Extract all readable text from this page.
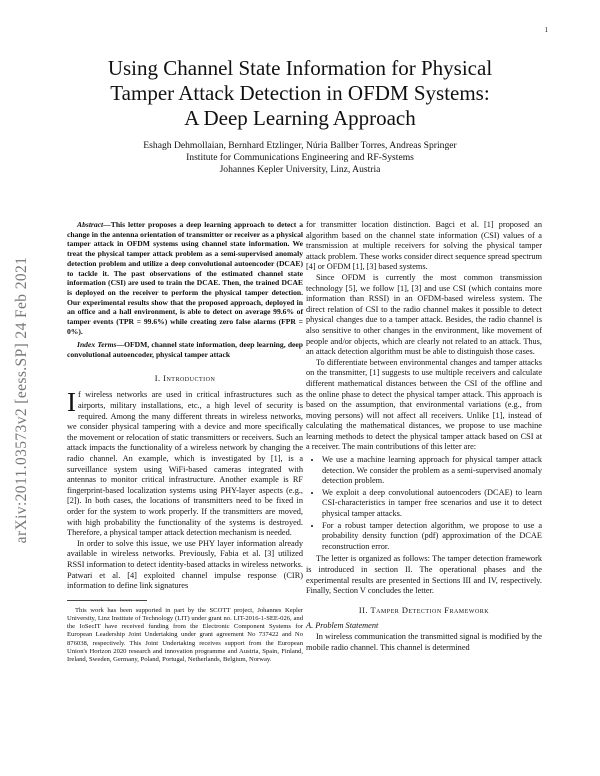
1
arXiv:2011.03573v2 [eess.SP] 24 Feb 2021
Using Channel State Information for Physical
Tamper Attack Detection in OFDM Systems:
A Deep Learning Approach
Eshagh Dehmollaian, Bernhard Etzlinger, Núria Ballber Torres, Andreas Springer
Institute for Communications Engineering and RF-Systems
Johannes Kepler University, Linz, Austria
Abstract—This letter proposes a deep learning approach to detect a change in the antenna orientation of transmitter or receiver as a physical tamper attack in OFDM systems using channel state information. We treat the physical tamper attack problem as a semi-supervised anomaly detection problem and utilize a deep convolutional autoencoder (DCAE) to tackle it. The past observations of the estimated channel state information (CSI) are used to train the DCAE. Then, the trained DCAE is deployed on the receiver to perform the physical tamper detection. Our experimental results show that the proposed approach, deployed in an office and a hall environment, is able to detect on average 99.6% of tamper events (TPR = 99.6%) while creating zero false alarms (FPR = 0%).
Index Terms—OFDM, channel state information, deep learning, deep convolutional autoencoder, physical tamper attack
I. Introduction

If wireless networks are used in critical infrastructures such as airports, military installations, etc., a high level of security is required. Among the many different threats in wireless networks, we consider physical tampering with a device and more specifically the movement or relocation of static transmitters or receivers. Such an attack impacts the functionality of a wireless network by changing the radio channel. An example, which is investigated by [1], is a surveillance system using WiFi-based cameras integrated with antennas to monitor critical infrastructure. Another example is RF fingerprint-based localization systems using PHY-layer aspects (e.g., [2]). In both cases, the locations of transmitters need to be fixed in order for the system to work properly. If the transmitters are moved, with high probability the functionality of the systems is destroyed. Therefore, a physical tamper attack detection mechanism is needed.

In order to solve this issue, we use PHY layer information already available in wireless networks. Previously, Fabia et al. [3] utilized RSSI information to detect identity-based attacks in wireless networks. Patwari et al. [4] exploited channel impulse response (CIR) information to define link signatures

This work has been supported in part by the SCOTT project, Johannes Kepler University, Linz Institute of Technology (LIT) under grant no. LIT-2016-1-SEE-026, and the IoSecIT have received funding from the Electronic Component Systems for European Leadership Joint Undertaking under grant agreement No 737422 and No 876038, respectively. This Joint Undertaking receives support from the European Union's Horizon 2020 research and innovation programme and Austria, Spain, Finland, Ireland, Sweden, Germany, Poland, Portugal, Netherlands, Belgium, Norway.

for transmitter location distinction. Bagci et al. [1] proposed an algorithm based on the channel state information (CSI) values of a transmission at multiple receivers for solving the physical tamper attack problem. These works consider direct sequence spread spectrum [4] or OFDM [1], [3] based systems.

Since OFDM is currently the most common transmission technology [5], we follow [1], [3] and use CSI (which contains more information than RSSI) in an OFDM-based wireless system. The direct relation of CSI to the radio channel makes it possible to detect physical changes due to a tamper attack. Besides, the radio channel is also sensitive to other changes in the environment, like movement of people and/or objects, which are clearly not related to an attack. Thus, an attack detection algorithm must be able to distinguish those cases.

To differentiate between environmental changes and tamper attacks on the transmitter, [1] suggests to use multiple receivers and calculate different mathematical distances between the CSI of the offline and the online phase to detect the physical tamper attack. This approach is based on the assumption, that environmental variations (e.g., from moving persons) will not affect all receivers. Unlike [1], instead of calculating the mathematical distances, we propose to use machine learning methods to detect the physical tamper attack based on CSI at a receiver. The main contributions of this letter are:

• We use a machine learning approach for physical tamper attack detection. We consider the problem as a semi-supervised anomaly detection problem.
• We exploit a deep convolutional autoencoders (DCAE) to learn CSI-characteristics in tamper free scenarios and use it to detect physical tamper attacks.
• For a robust tamper detection algorithm, we propose to use a probability density function (pdf) approximation of the DCAE reconstruction error.

The letter is organized as follows: The tamper detection framework is introduced in section II. The operational phases and the experimental results are presented in Sections III and IV, respectively. Finally, Section V concludes the letter.

II. Tamper Detection Framework

A. Problem Statement

In wireless communication the transmitted signal is modified by the mobile radio channel. This channel is determined
